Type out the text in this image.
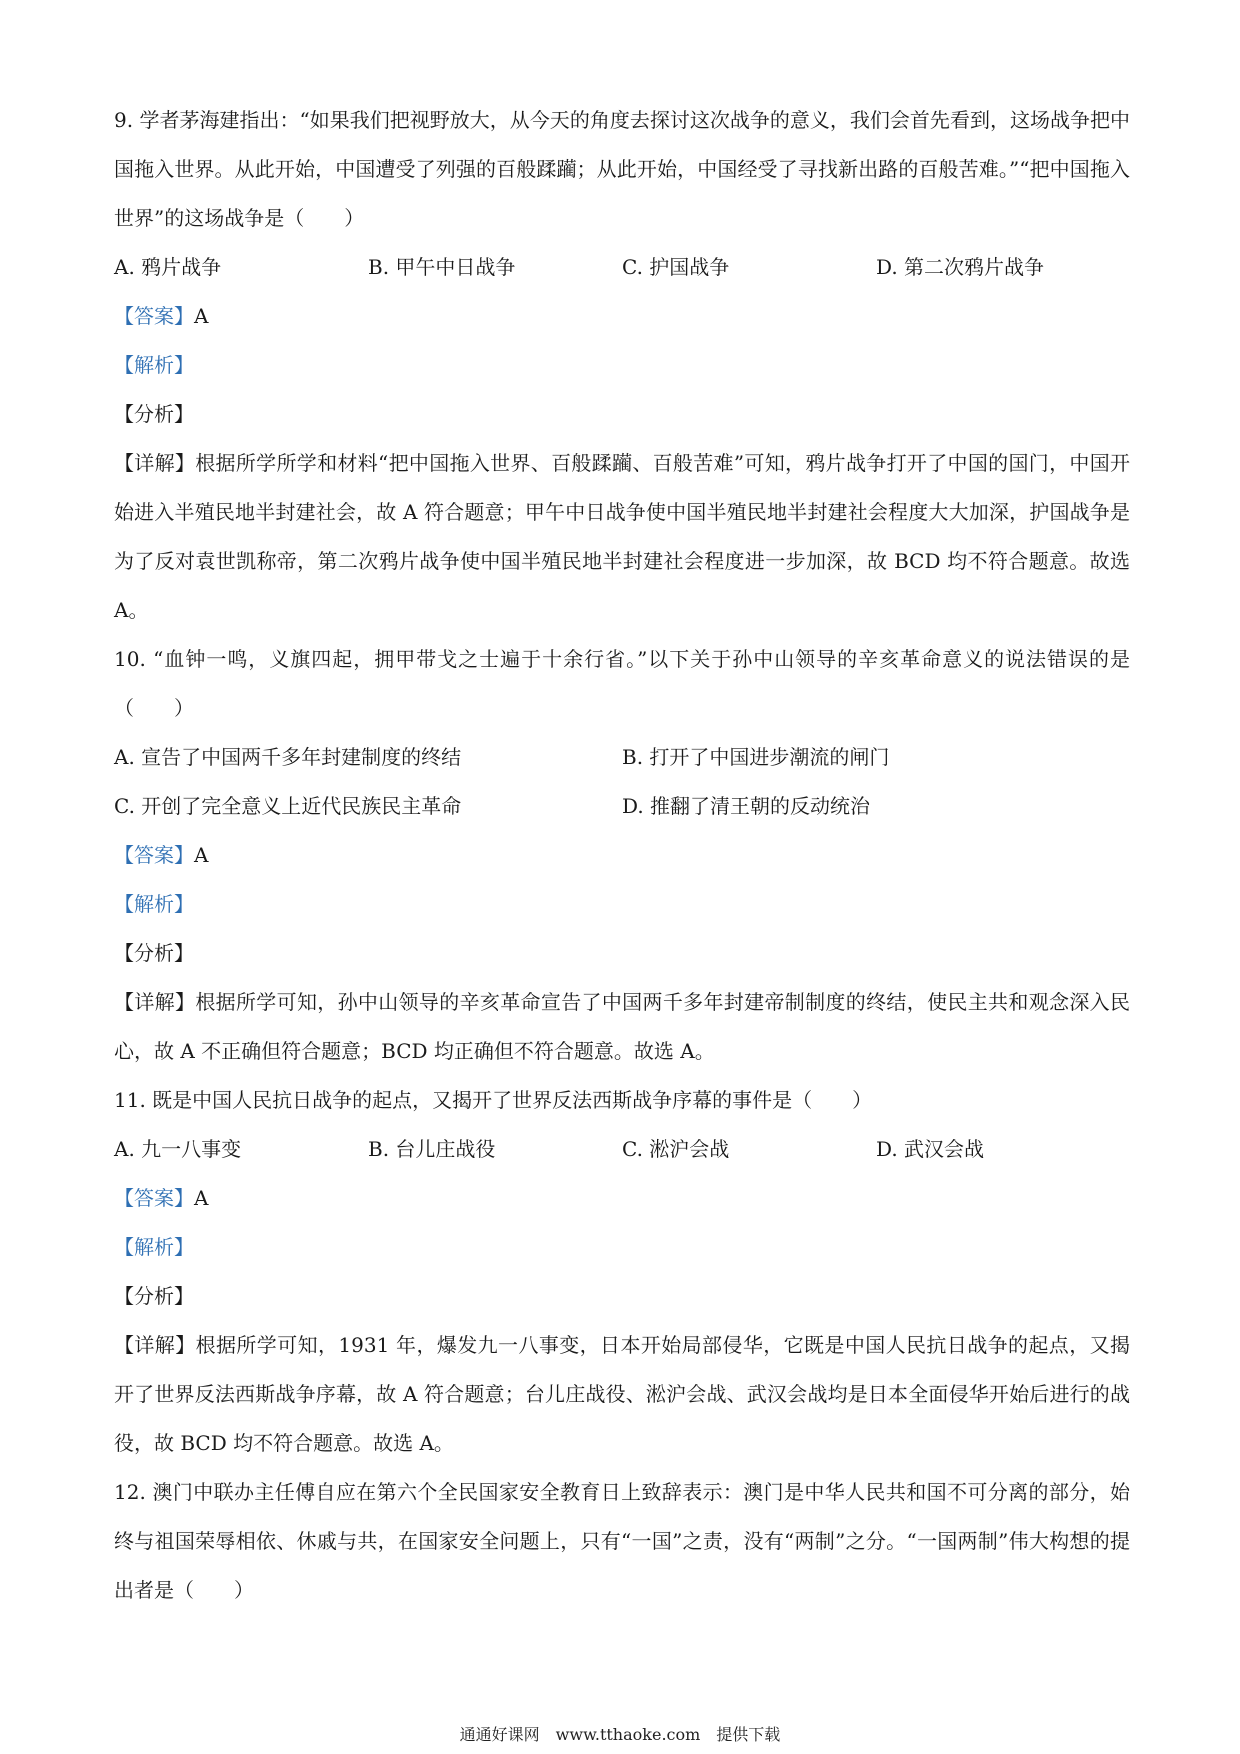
9. 学者茅海建指出：“如果我们把视野放大，从今天的角度去探讨这次战争的意义，我们会首先看到，这场战争把中国拖入世界。从此开始，中国遭受了列强的百般蹂躏；从此开始，中国经受了寻找新出路的百般苦难。”“把中国拖入世界”的这场战争是（　　）
A. 鸦片战争	B. 甲午中日战争	C. 护国战争	D. 第二次鸦片战争
【答案】A
【解析】
【分析】
【详解】根据所学所学和材料“把中国拖入世界、百般蹂躏、百般苦难”可知，鸦片战争打开了中国的国门，中国开始进入半殖民地半封建社会，故 A 符合题意；甲午中日战争使中国半殖民地半封建社会程度大大加深，护国战争是为了反对袁世凯称帝，第二次鸦片战争使中国半殖民地半封建社会程度进一步加深，故 BCD 均不符合题意。故选 A。
10. “血钟一鸣，义旗四起，拥甲带戈之士遍于十余行省。”以下关于孙中山领导的辛亥革命意义的说法错误的是（　　）
A. 宣告了中国两千多年封建制度的终结	B. 打开了中国进步潮流的闸门
C. 开创了完全意义上近代民族民主革命	D. 推翻了清王朝的反动统治
【答案】A
【解析】
【分析】
【详解】根据所学可知，孙中山领导的辛亥革命宣告了中国两千多年封建帝制制度的终结，使民主共和观念深入民心，故 A 不正确但符合题意；BCD 均正确但不符合题意。故选 A。
11. 既是中国人民抗日战争的起点，又揭开了世界反法西斯战争序幕的事件是（　　）
A. 九一八事变	B. 台儿庄战役	C. 淞沪会战	D. 武汉会战
【答案】A
【解析】
【分析】
【详解】根据所学可知，1931 年，爆发九一八事变，日本开始局部侵华，它既是中国人民抗日战争的起点，又揭开了世界反法西斯战争序幕，故 A 符合题意；台儿庄战役、淞沪会战、武汉会战均是日本全面侵华开始后进行的战役，故 BCD 均不符合题意。故选 A。
12. 澳门中联办主任傅自应在第六个全民国家安全教育日上致辞表示：澳门是中华人民共和国不可分离的部分，始终与祖国荣辱相依、休戚与共，在国家安全问题上，只有“一国”之责，没有“两制”之分。“一国两制”伟大构想的提出者是（　　）
通通好课网　www.tthaoke.com　提供下载
